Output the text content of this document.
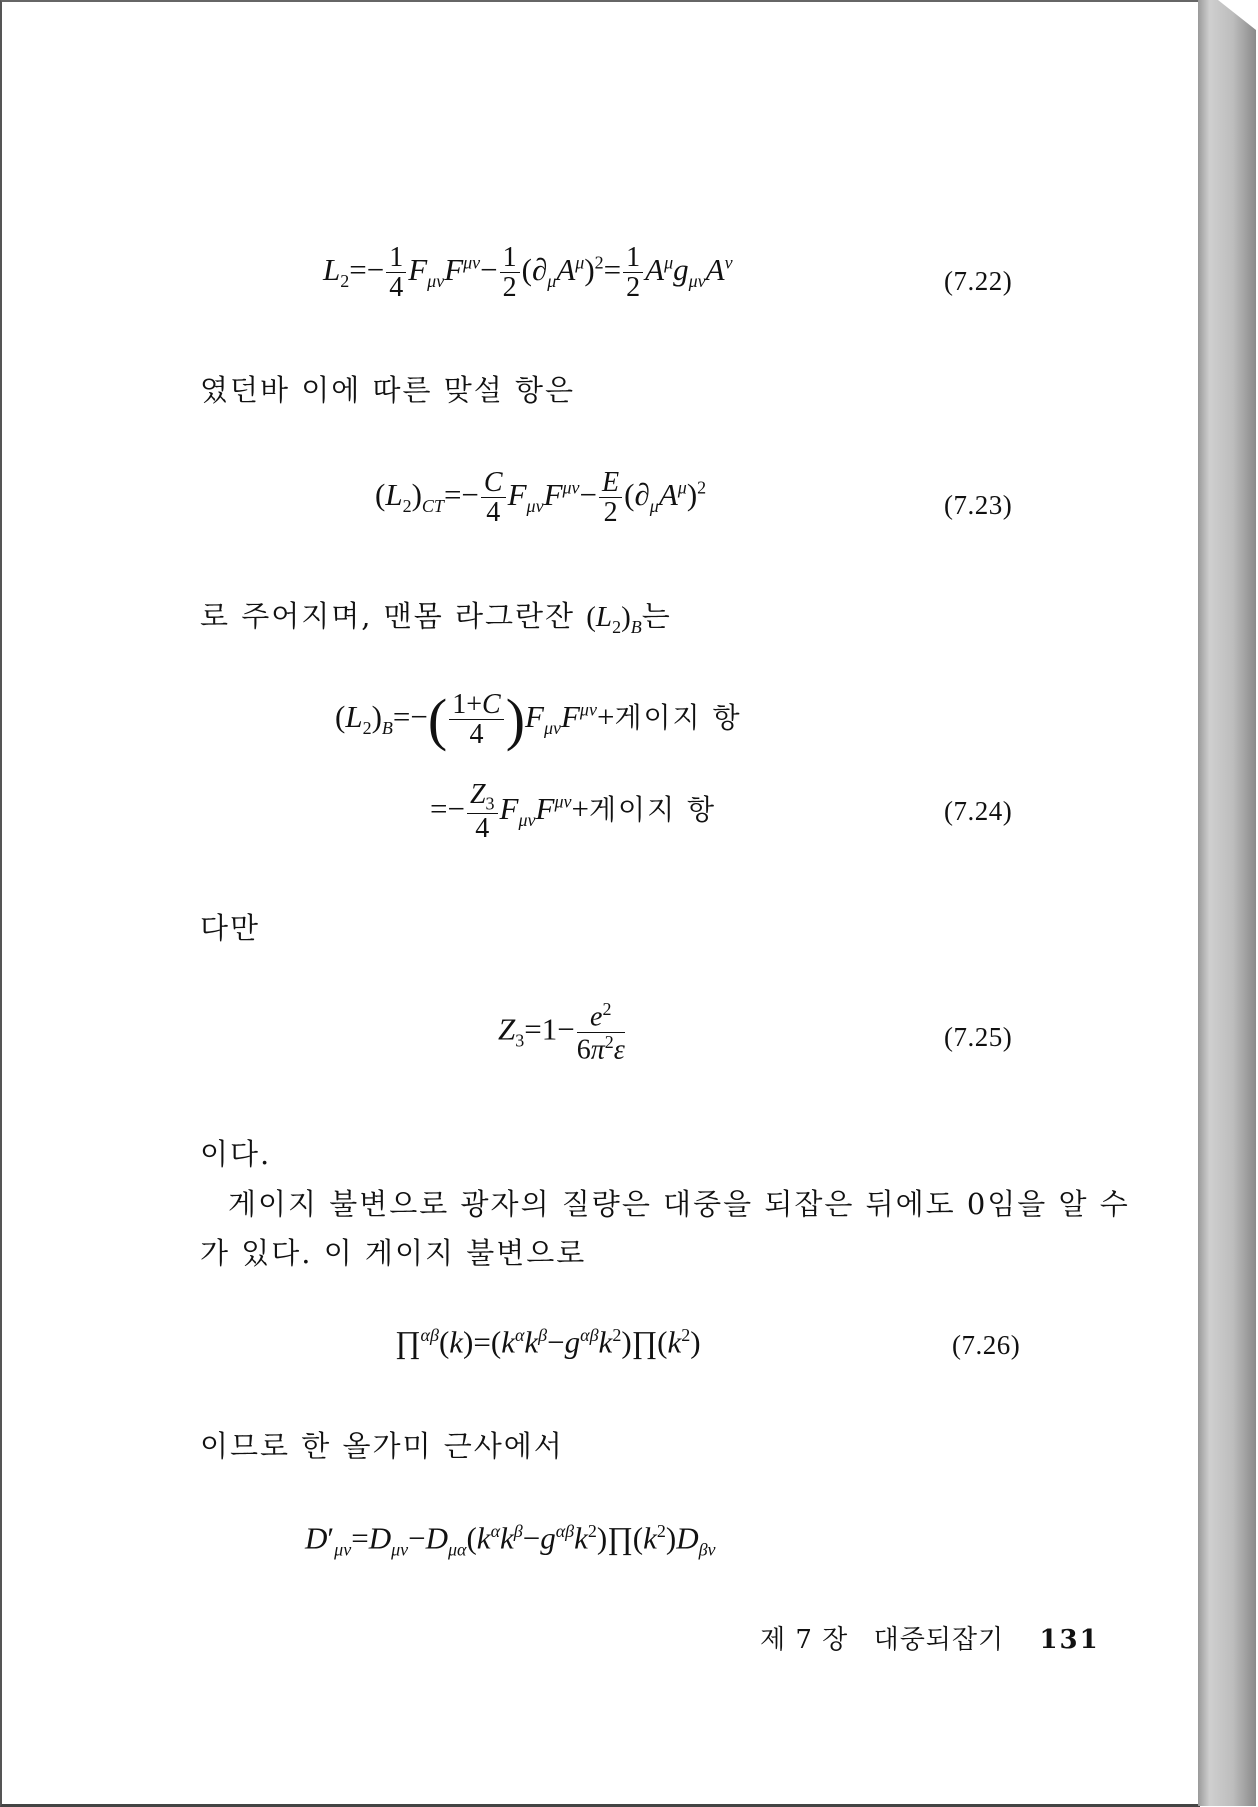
$L_2=- \frac{1}{4} F_{\mu\nu}F^{\mu\nu}- \frac{1}{2} (\partial_\mu A^\mu)^2= \frac{1}{2} A^\mu g_{\mu\nu}A^\nu$
(7.22)
였던바 이에 따른 맞설 항은
$(L_2)_{CT}=- \frac{C}{4} F_{\mu\nu}F^{\mu\nu}- \frac{E}{2} (\partial_\mu A^\mu)^2$
(7.23)
로 주어지며, 맨몸 라그란잔 $(L_2)_B$는
$(L_2)_B=-( \frac{1+C}{4} )F_{\mu\nu}F^{\mu\nu}+$게이지 항
=− $\frac{Z_3}{4} F_{\mu\nu}F^{\mu\nu}+$게이지 항	(7.24)
다만
$Z_3=1- \frac{e^2}{6\pi^2\varepsilon}$	(7.25)
이다.
게이지 불변으로 광자의 질량은 대중을 되잡은 뒤에도 0임을 알 수
가 있다. 이 게이지 불변으로
$\prod^{\alpha\beta}(k)=(k^\alpha k^\beta-g^{\alpha\beta}k^2)\prod(k^2)$	(7.26)
이므로 한 올가미 근사에서
$D'_{\mu\nu}=D_{\mu\nu}-D_{\mu\alpha}(k^\alpha k^\beta-g^{\alpha\beta}k^2)\prod(k^2)D_{\beta\nu}$
제 7 장 대중되잡기 131
